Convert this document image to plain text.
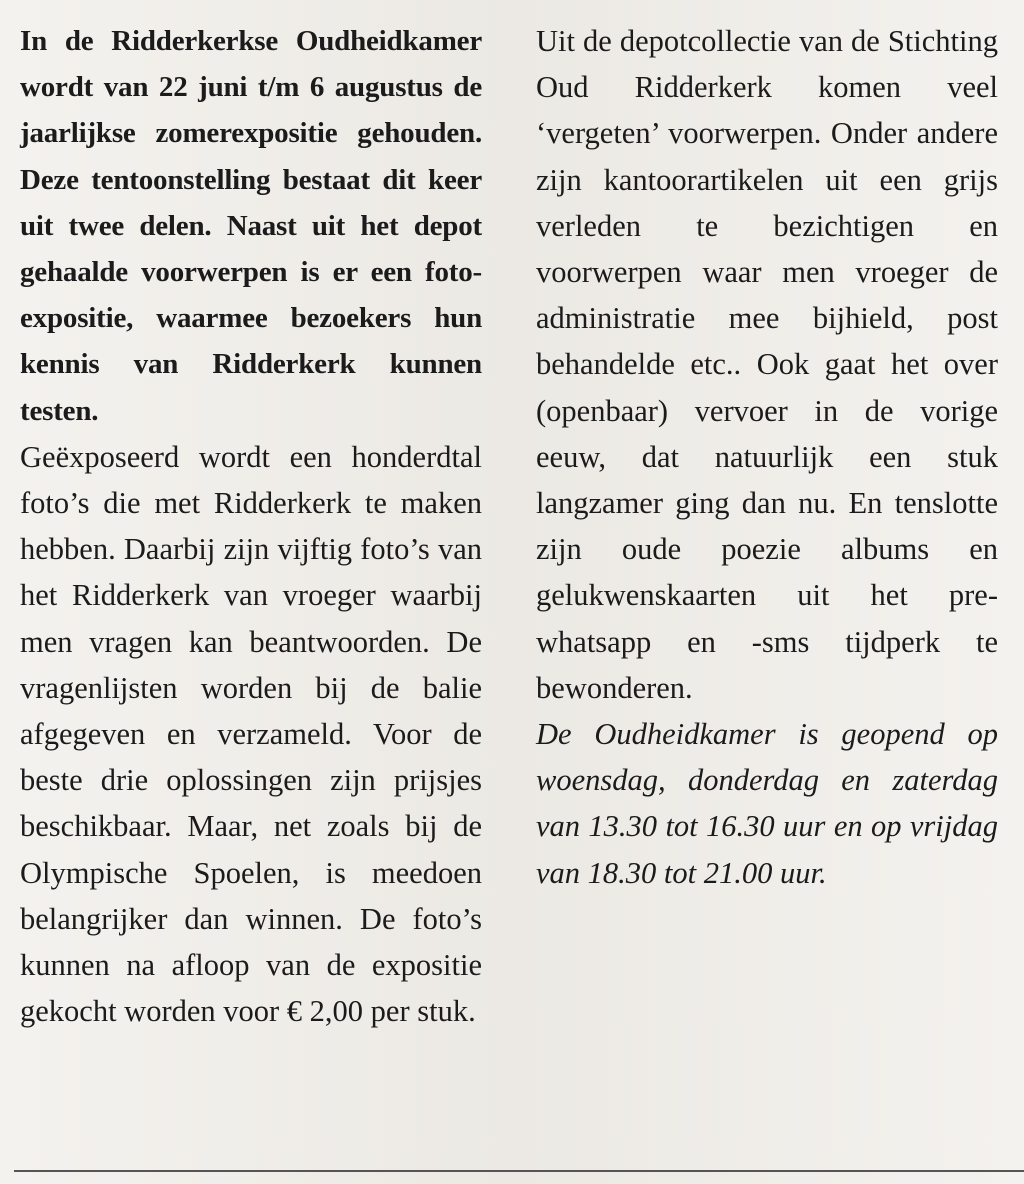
In de Ridderkerkse Oudheidkamer wordt van 22 juni t/m 6 augustus de jaarlijkse zomerexpositie gehouden. Deze tentoonstelling bestaat dit keer uit twee delen. Naast uit het depot gehaalde voorwerpen is er een foto-expositie, waarmee bezoekers hun kennis van Ridderkerk kunnen testen.

Geëxposeerd wordt een honderdtal foto’s die met Ridderkerk te maken hebben. Daarbij zijn vijftig foto’s van het Ridderkerk van vroeger waarbij men vragen kan beantwoorden. De vragenlijsten worden bij de balie afgegeven en verzameld. Voor de beste drie oplossingen zijn prijsjes beschikbaar. Maar, net zoals bij de Olympische Spoelen, is meedoen belangrijker dan winnen. De foto’s kunnen na afloop van de expositie gekocht worden voor € 2,00 per stuk.

Uit de depotcollectie van de Stichting Oud Ridderkerk komen veel ‘vergeten’ voorwerpen. Onder andere zijn kantoorartikelen uit een grijs verleden te bezichtigen en voorwerpen waar men vroeger de administratie mee bijhield, post behandelde etc.. Ook gaat het over (openbaar) vervoer in de vorige eeuw, dat natuurlijk een stuk langzamer ging dan nu. En tenslotte zijn oude poezie albums en gelukwenskaarten uit het pre-whatsapp en -sms tijdperk te bewonderen.

De Oudheidkamer is geopend op woensdag, donderdag en zaterdag van 13.30 tot 16.30 uur en op vrijdag van 18.30 tot 21.00 uur.
